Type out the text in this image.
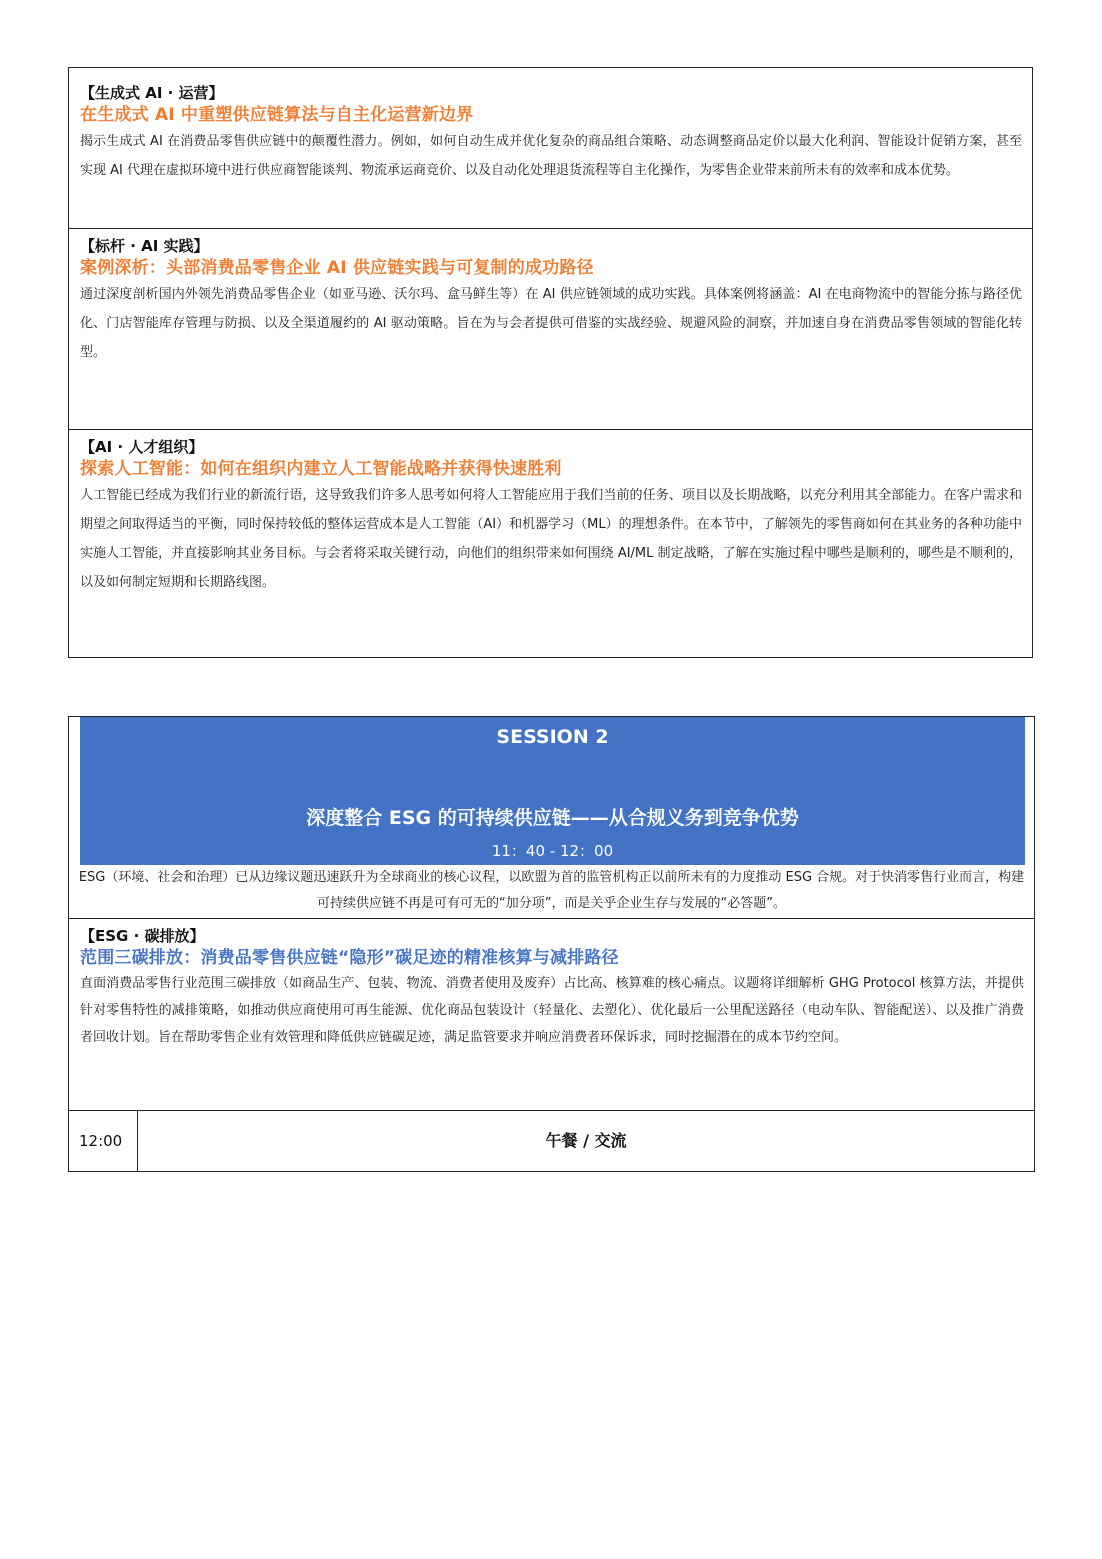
【生成式 AI · 运营】
在生成式 AI 中重塑供应链算法与自主化运营新边界
揭示生成式 AI 在消费品零售供应链中的颠覆性潜力。例如，如何自动生成并优化复杂的商品组合策略、动态调整商品定价以最大化利润、智能设计促销方案，甚至实现 AI 代理在虚拟环境中进行供应商智能谈判、物流承运商竞价、以及自动化处理退货流程等自主化操作，为零售企业带来前所未有的效率和成本优势。
【标杆 · AI 实践】
案例深析：头部消费品零售企业 AI 供应链实践与可复制的成功路径
通过深度剖析国内外领先消费品零售企业（如亚马逊、沃尔玛、盒马鲜生等）在 AI 供应链领域的成功实践。具体案例将涵盖：AI 在电商物流中的智能分拣与路径优化、门店智能库存管理与防损、以及全渠道履约的 AI 驱动策略。旨在为与会者提供可借鉴的实战经验、规避风险的洞察，并加速自身在消费品零售领域的智能化转型。
【AI · 人才组织】
探索人工智能：如何在组织内建立人工智能战略并获得快速胜利
人工智能已经成为我们行业的新流行语，这导致我们许多人思考如何将人工智能应用于我们当前的任务、项目以及长期战略，以充分利用其全部能力。在客户需求和期望之间取得适当的平衡，同时保持较低的整体运营成本是人工智能（AI）和机器学习（ML）的理想条件。在本节中，了解领先的零售商如何在其业务的各种功能中实施人工智能，并直接影响其业务目标。与会者将采取关键行动，向他们的组织带来如何围绕 AI/ML 制定战略，了解在实施过程中哪些是顺利的，哪些是不顺利的，以及如何制定短期和长期路线图。
SESSION 2
深度整合 ESG 的可持续供应链——从合规义务到竞争优势
11：40 - 12：00
ESG（环境、社会和治理）已从边缘议题迅速跃升为全球商业的核心议程，以欧盟为首的监管机构正以前所未有的力度推动 ESG 合规。对于快消零售行业而言，构建可持续供应链不再是可有可无的“加分项”，而是关乎企业生存与发展的“必答题”。
【ESG · 碳排放】
范围三碳排放：消费品零售供应链“隐形”碳足迹的精准核算与减排路径
直面消费品零售行业范围三碳排放（如商品生产、包装、物流、消费者使用及废弃）占比高、核算难的核心痛点。议题将详细解析 GHG Protocol 核算方法，并提供针对零售特性的减排策略，如推动供应商使用可再生能源、优化商品包装设计（轻量化、去塑化）、优化最后一公里配送路径（电动车队、智能配送）、以及推广消费者回收计划。旨在帮助零售企业有效管理和降低供应链碳足迹，满足监管要求并响应消费者环保诉求，同时挖掘潜在的成本节约空间。
12:00	午餐 / 交流
